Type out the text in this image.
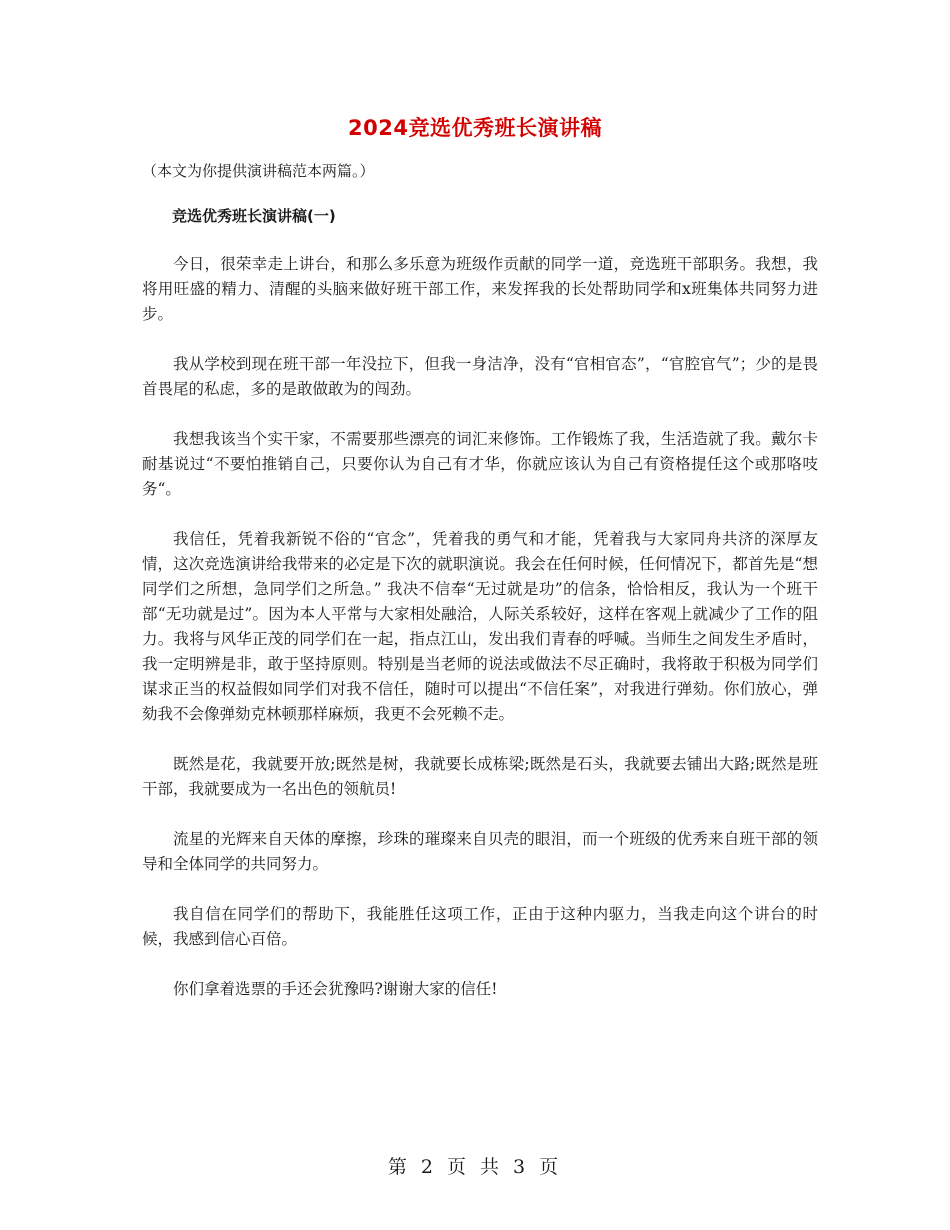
2024竞选优秀班长演讲稿
（本文为你提供演讲稿范本两篇。）
竞选优秀班长演讲稿(一)

今日，很荣幸走上讲台，和那么多乐意为班级作贡献的同学一道，竞选班干部职务。我想，我将用旺盛的精力、清醒的头脑来做好班干部工作，来发挥我的长处帮助同学和x班集体共同努力进步。

我从学校到现在班干部一年没拉下，但我一身洁净，没有“官相官态”，“官腔官气”；少的是畏首畏尾的私虑，多的是敢做敢为的闯劲。

我想我该当个实干家，不需要那些漂亮的词汇来修饰。工作锻炼了我，生活造就了我。戴尔卡耐基说过“不要怕推销自己，只要你认为自己有才华，你就应该认为自己有资格提任这个或那咯吱务“。

我信任，凭着我新锐不俗的“官念”，凭着我的勇气和才能，凭着我与大家同舟共济的深厚友情，这次竞选演讲给我带来的必定是下次的就职演说。我会在任何时候，任何情况下，都首先是“想同学们之所想，急同学们之所急。” 我决不信奉“无过就是功”的信条，恰恰相反，我认为一个班干部“无功就是过”。因为本人平常与大家相处融洽，人际关系较好，这样在客观上就减少了工作的阻力。我将与风华正茂的同学们在一起，指点江山，发出我们青春的呼喊。当师生之间发生矛盾时，我一定明辨是非，敢于坚持原则。特别是当老师的说法或做法不尽正确时，我将敢于积极为同学们谋求正当的权益假如同学们对我不信任，随时可以提出“不信任案”，对我进行弹劾。你们放心，弹劾我不会像弹劾克林顿那样麻烦，我更不会死赖不走。

既然是花，我就要开放;既然是树，我就要长成栋梁;既然是石头，我就要去铺出大路;既然是班干部，我就要成为一名出色的领航员!

流星的光辉来自天体的摩擦，珍珠的璀璨来自贝壳的眼泪，而一个班级的优秀来自班干部的领导和全体同学的共同努力。

我自信在同学们的帮助下，我能胜任这项工作，正由于这种内驱力，当我走向这个讲台的时候，我感到信心百倍。

你们拿着选票的手还会犹豫吗?谢谢大家的信任!

第 2 页 共 3 页
